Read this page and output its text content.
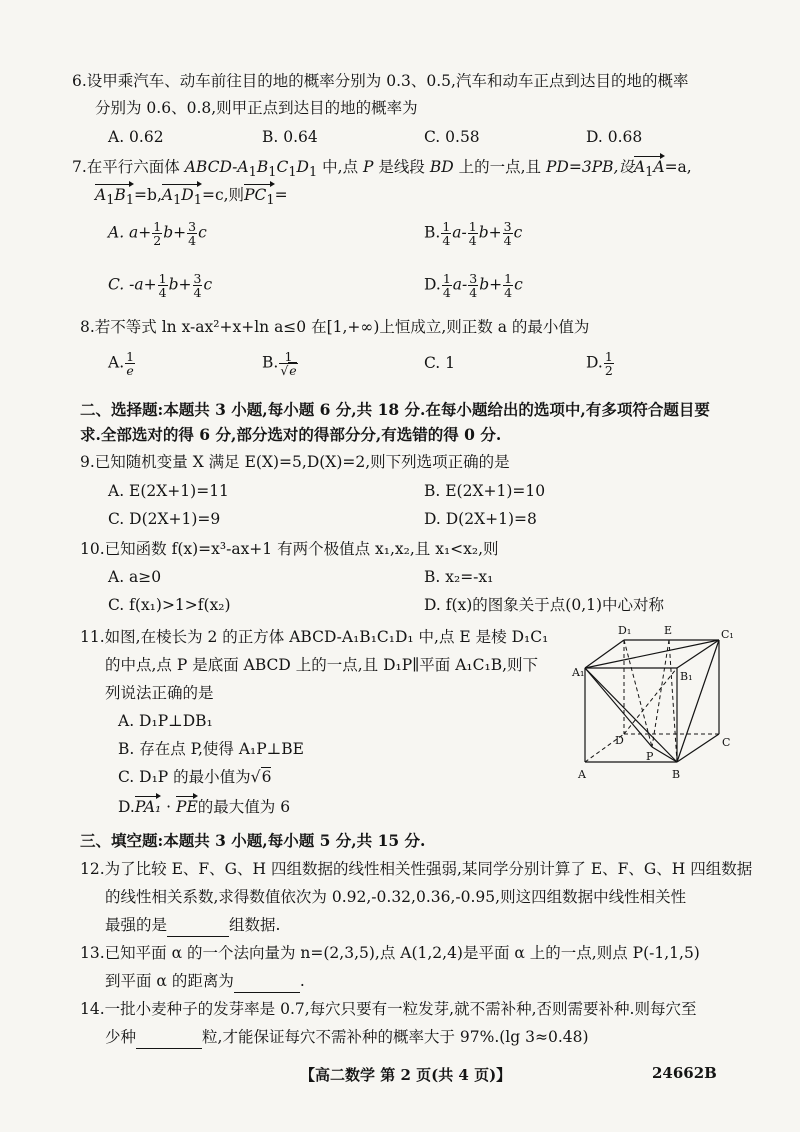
6.设甲乘汽车、动车前往目的地的概率分别为 0.3、0.5,汽车和动车正点到达目的地的概率
分别为 0.6、0.8,则甲正点到达目的地的概率为
A. 0.62	B. 0.64	C. 0.58	D. 0.68
7.在平行六面体 ABCD-$A_1B_1C_1D_1$ 中,点 P 是线段 BD 上的一点,且 PD=3PB,设$A_1A=a$,
$A_1B_1=b,A_1D_1=c$,则$PC_1=$
A. $a+ \frac{1}{2} b+ \frac{3}{4}$ c	B. $\frac{1}{4} a- \frac{1}{4} b+ \frac{3}{4}$ c
C. $-a+ \frac{1}{4} b+ \frac{3}{4}$ c	D. $\frac{1}{4} a- \frac{3}{4} b+ \frac{1}{4}$ c
8.若不等式 ln x-ax²+x+ln a≤0 在[1,+∞)上恒成立,则正数 a 的最小值为
A. $\frac{1}{e}$	B. $\frac{1}{√e}$	C. 1	D. $\frac{1}{2}$
二、选择题:本题共 3 小题,每小题 6 分,共 18 分.在每小题给出的选项中,有多项符合题目要
求.全部选对的得 6 分,部分选对的得部分分,有选错的得 0 分.
9.已知随机变量 X 满足 E(X)=5,D(X)=2,则下列选项正确的是
A. E(2X+1)=11	B. E(2X+1)=10
C. D(2X+1)=9	D. D(2X+1)=8
10.已知函数 f(x)=x³-ax+1 有两个极值点 x₁,x₂,且 x₁<x₂,则
A. a≥0	B. x₂=-x₁
C. f(x₁)>1>f(x₂)	D. f(x)的图象关于点(0,1)中心对称
11.如图,在棱长为 2 的正方体 ABCD-A₁B₁C₁D₁ 中,点 E 是棱 D₁C₁
的中点,点 P 是底面 ABCD 上的一点,且 D₁P∥平面 A₁C₁B,则下
列说法正确的是
A. D₁P⊥DB₁
B. 存在点 P,使得 A₁P⊥BE
C. D₁P 的最小值为√6
D.PA₁ · PE的最大值为 6
D₁	E	C₁
A₁	B₁
D	C
P
A	B
三、填空题:本题共 3 小题,每小题 5 分,共 15 分.
12.为了比较 E、F、G、H 四组数据的线性相关性强弱,某同学分别计算了 E、F、G、H 四组数据
的线性相关系数,求得数值依次为 0.92,-0.32,0.36,-0.95,则这四组数据中线性相关性
最强的是	组数据.
13.已知平面 α 的一个法向量为 n=(2,3,5),点 A(1,2,4)是平面 α 上的一点,则点 P(-1,1,5)
到平面 α 的距离为	.
14.一批小麦种子的发芽率是 0.7,每穴只要有一粒发芽,就不需补种,否则需要补种.则每穴至
少种	粒,才能保证每穴不需补种的概率大于 97%.(lg 3≈0.48)
【高二数学 第 2 页(共 4 页)】	24662B
